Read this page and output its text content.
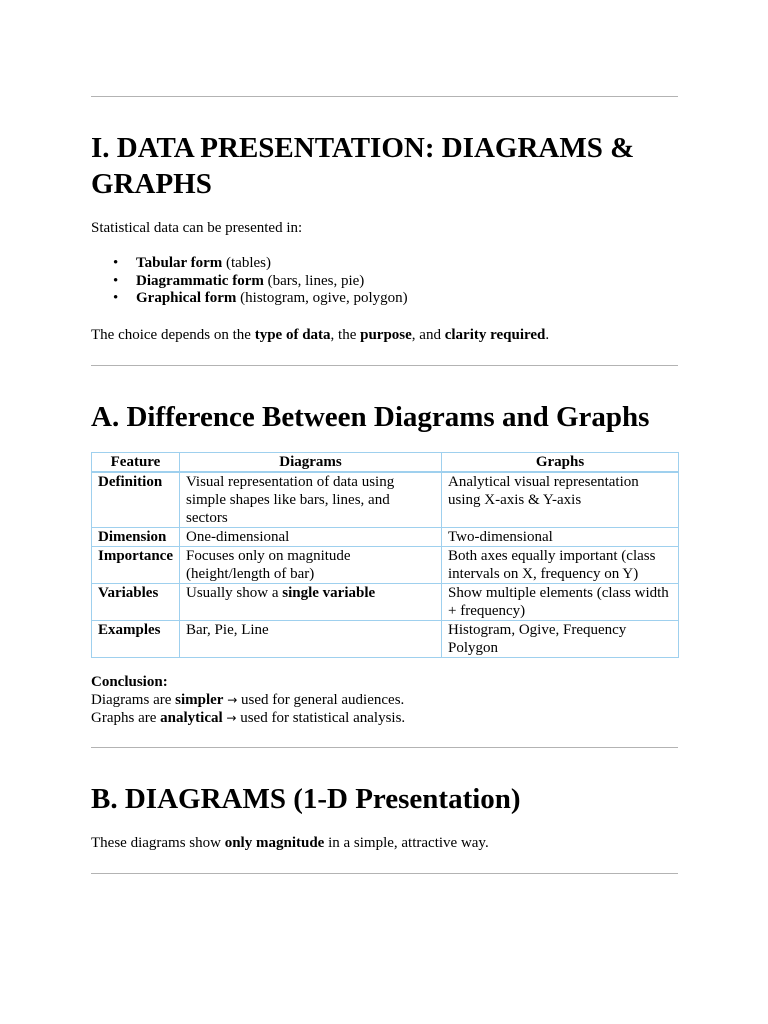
I. DATA PRESENTATION: DIAGRAMS &
GRAPHS

Statistical data can be presented in:

• Tabular form (tables)
• Diagrammatic form (bars, lines, pie)
• Graphical form (histogram, ogive, polygon)

The choice depends on the type of data, the purpose, and clarity required.

A. Difference Between Diagrams and Graphs
Feature	Diagrams	Graphs
Definition	Visual representation of data using simple shapes like bars, lines, and sectors	Analytical visual representation using X-axis & Y-axis
Dimension	One-dimensional	Two-dimensional
Importance	Focuses only on magnitude (height/length of bar)	Both axes equally important (class intervals on X, frequency on Y)
Variables	Usually show a single variable	Show multiple elements (class width + frequency)
Examples	Bar, Pie, Line	Histogram, Ogive, Frequency Polygon
Conclusion:
Diagrams are simpler → used for general audiences.
Graphs are analytical → used for statistical analysis.
B. DIAGRAMS (1-D Presentation)

These diagrams show only magnitude in a simple, attractive way.
